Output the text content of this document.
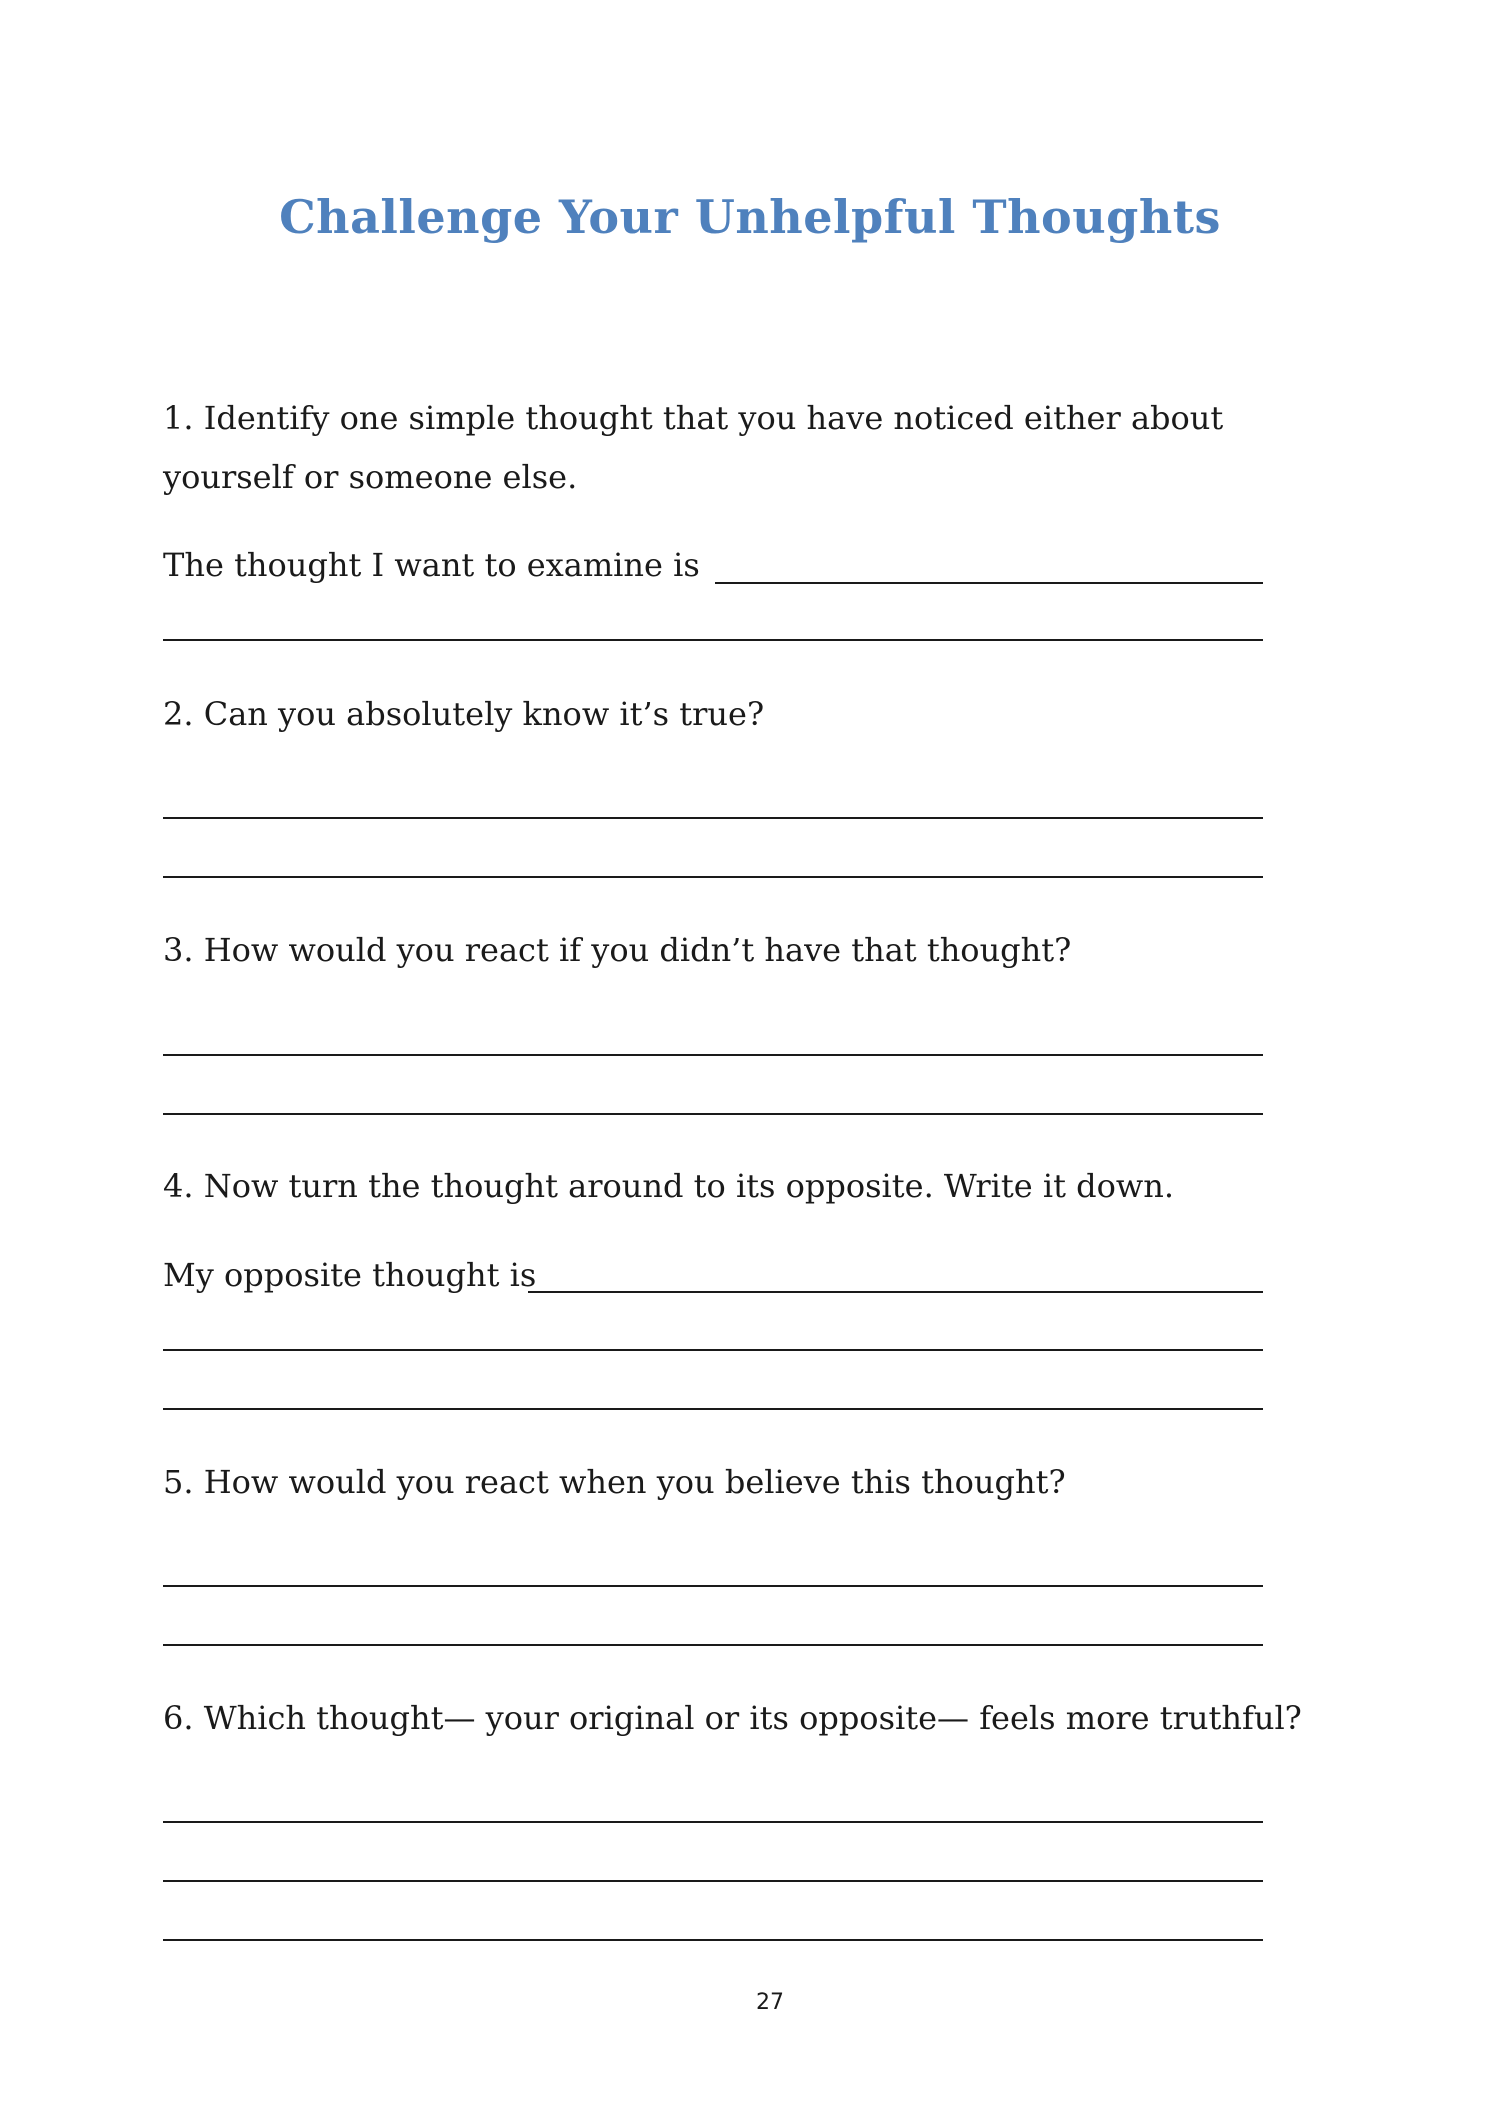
Challenge Your Unhelpful Thoughts

1. Identify one simple thought that you have noticed either about yourself or someone else.

The thought I want to examine is

2. Can you absolutely know it’s true?

3. How would you react if you didn’t have that thought?

4. Now turn the thought around to its opposite. Write it down.

My opposite thought is

5. How would you react when you believe this thought?

6. Which thought— your original or its opposite— feels more truthful?

27
